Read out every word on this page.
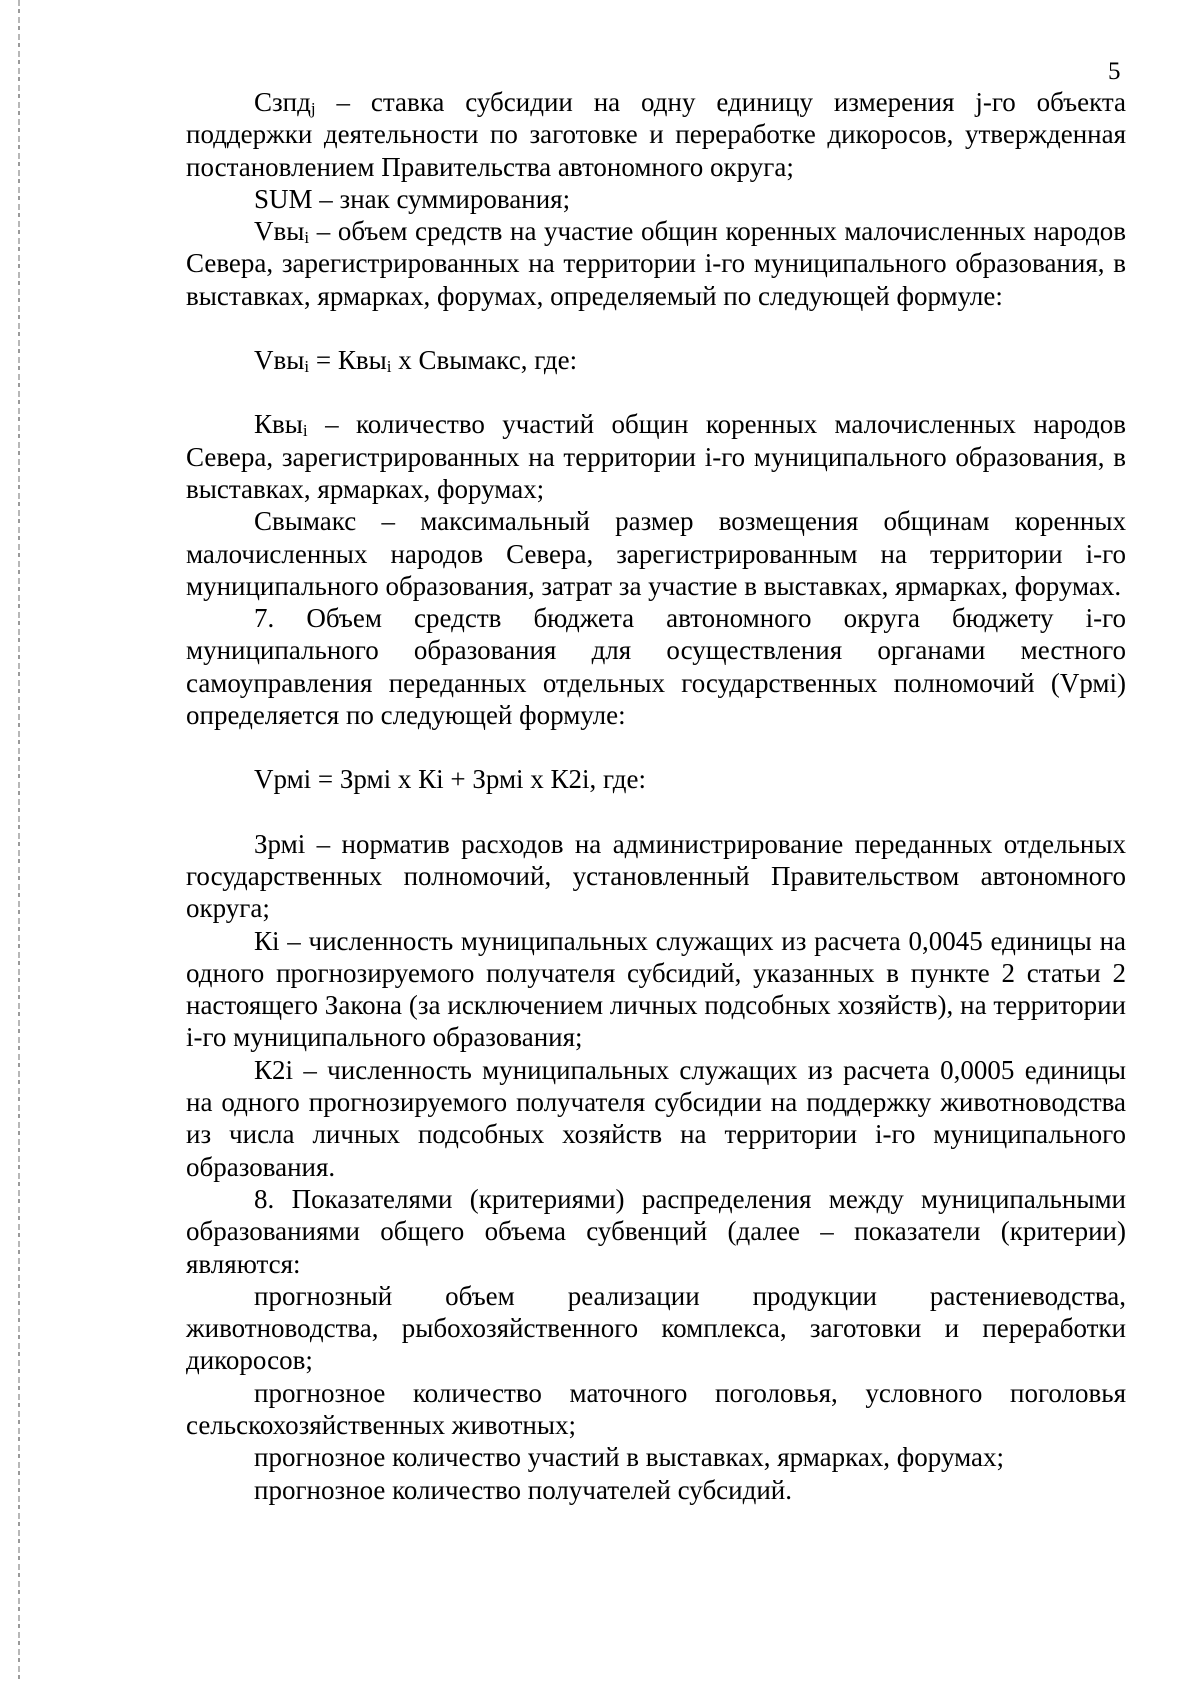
5

Сзпд$_j$ – ставка субсидии на одну единицу измерения j-го объекта поддержки деятельности по заготовке и переработке дикоросов, утвержденная постановлением Правительства автономного округа;

SUM – знак суммирования;

Vвы$_i$ – объем средств на участие общин коренных малочисленных народов Севера, зарегистрированных на территории i-го муниципального образования, в выставках, ярмарках, форумах, определяемый по следующей формуле:

Vвы$_i$ = Квы$_i$ х Свымакс, где:

Квы$_i$ – количество участий общин коренных малочисленных народов Севера, зарегистрированных на территории i-го муниципального образования, в выставках, ярмарках, форумах;

Свымакс – максимальный размер возмещения общинам коренных малочисленных народов Севера, зарегистрированным на территории i-го муниципального образования, затрат за участие в выставках, ярмарках, форумах.

7. Объем средств бюджета автономного округа бюджету i-го муниципального образования для осуществления органами местного самоуправления переданных отдельных государственных полномочий (Vрмi) определяется по следующей формуле:

Vрмi = Зрмi х Кi + Зрмi х К2i, где:

Зрмi – норматив расходов на администрирование переданных отдельных государственных полномочий, установленный Правительством автономного округа;

Кi – численность муниципальных служащих из расчета 0,0045 единицы на одного прогнозируемого получателя субсидий, указанных в пункте 2 статьи 2 настоящего Закона (за исключением личных подсобных хозяйств), на территории i-го муниципального образования;

К2i – численность муниципальных служащих из расчета 0,0005 единицы на одного прогнозируемого получателя субсидии на поддержку животноводства из числа личных подсобных хозяйств на территории i-го муниципального образования.

8. Показателями (критериями) распределения между муниципальными образованиями общего объема субвенций (далее – показатели (критерии) являются:

прогнозный объем реализации продукции растениеводства, животноводства, рыбохозяйственного комплекса, заготовки и переработки дикоросов;

прогнозное количество маточного поголовья, условного поголовья сельскохозяйственных животных;

прогнозное количество участий в выставках, ярмарках, форумах;

прогнозное количество получателей субсидий.
